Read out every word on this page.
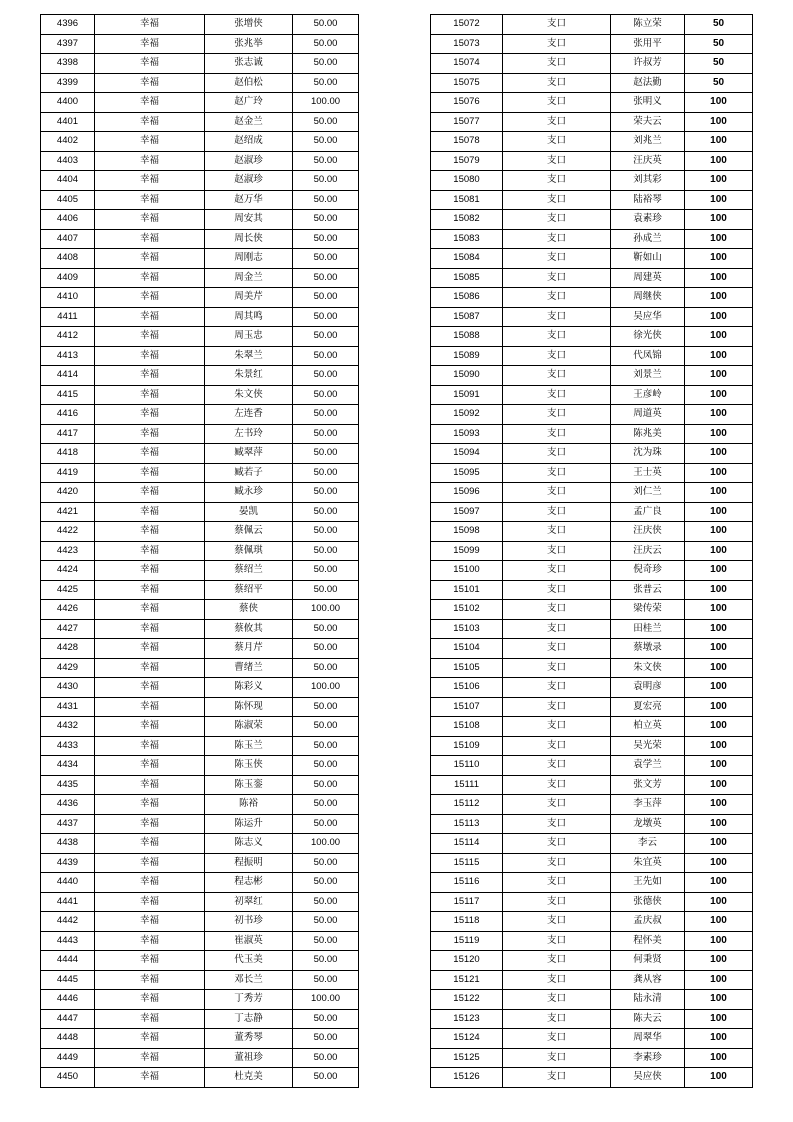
4396	幸福	张增侠	50.00
4397	幸福	张兆举	50.00
4398	幸福	张志诚	50.00
4399	幸福	赵伯松	50.00
4400	幸福	赵广玲	100.00
4401	幸福	赵金兰	50.00
4402	幸福	赵绍成	50.00
4403	幸福	赵淑珍	50.00
4404	幸福	赵淑珍	50.00
4405	幸福	赵万华	50.00
4406	幸福	周安其	50.00
4407	幸福	周长侠	50.00
4408	幸福	周刚志	50.00
4409	幸福	周金兰	50.00
4410	幸福	周美芹	50.00
4411	幸福	周其鸣	50.00
4412	幸福	周玉忠	50.00
4413	幸福	朱翠兰	50.00
4414	幸福	朱景红	50.00
4415	幸福	朱文侠	50.00
4416	幸福	左连香	50.00
4417	幸福	左书玲	50.00
4418	幸福	臧翠萍	50.00
4419	幸福	臧若子	50.00
4420	幸福	臧永珍	50.00
4421	幸福	晏凯	50.00
4422	幸福	蔡佩云	50.00
4423	幸福	蔡佩琪	50.00
4424	幸福	蔡绍兰	50.00
4425	幸福	蔡绍平	50.00
4426	幸福	蔡侠	100.00
4427	幸福	蔡攸其	50.00
4428	幸福	蔡月芹	50.00
4429	幸福	曹绪兰	50.00
4430	幸福	陈彩义	100.00
4431	幸福	陈怀现	50.00
4432	幸福	陈淑荣	50.00
4433	幸福	陈玉兰	50.00
4434	幸福	陈玉侠	50.00
4435	幸福	陈玉銮	50.00
4436	幸福	陈裕	50.00
4437	幸福	陈运升	50.00
4438	幸福	陈志义	100.00
4439	幸福	程振明	50.00
4440	幸福	程志彬	50.00
4441	幸福	初翠红	50.00
4442	幸福	初书珍	50.00
4443	幸福	崔淑英	50.00
4444	幸福	代玉美	50.00
4445	幸福	邓长兰	50.00
4446	幸福	丁秀芳	100.00
4447	幸福	丁志静	50.00
4448	幸福	董秀琴	50.00
4449	幸福	董祖珍	50.00
4450	幸福	杜克美	50.00
15072	支口	陈立荣	50
15073	支口	张用平	50
15074	支口	许叔芳	50
15075	支口	赵法勤	50
15076	支口	张明义	100
15077	支口	荣夫云	100
15078	支口	刘兆兰	100
15079	支口	汪庆英	100
15080	支口	刘其彩	100
15081	支口	陆裕琴	100
15082	支口	袁素珍	100
15083	支口	孙成兰	100
15084	支口	靳如山	100
15085	支口	周建英	100
15086	支口	周继侠	100
15087	支口	吴应华	100
15088	支口	徐光侠	100
15089	支口	代凤锦	100
15090	支口	刘景兰	100
15091	支口	王彦岭	100
15092	支口	周道英	100
15093	支口	陈兆美	100
15094	支口	沈为珠	100
15095	支口	王士英	100
15096	支口	刘仁兰	100
15097	支口	孟广良	100
15098	支口	汪庆侠	100
15099	支口	汪庆云	100
15100	支口	倪奇珍	100
15101	支口	张普云	100
15102	支口	梁传荣	100
15103	支口	田桂兰	100
15104	支口	蔡墩录	100
15105	支口	朱文侠	100
15106	支口	袁明彦	100
15107	支口	夏宏亮	100
15108	支口	柏立英	100
15109	支口	吴光荣	100
15110	支口	袁学兰	100
15111	支口	张文芳	100
15112	支口	李玉萍	100
15113	支口	龙墩英	100
15114	支口	李云	100
15115	支口	朱宜英	100
15116	支口	王先如	100
15117	支口	张德侠	100
15118	支口	孟庆叔	100
15119	支口	程怀美	100
15120	支口	何秉贤	100
15121	支口	龚从容	100
15122	支口	陆永清	100
15123	支口	陈夫云	100
15124	支口	周翠华	100
15125	支口	李素珍	100
15126	支口	吴应侠	100
